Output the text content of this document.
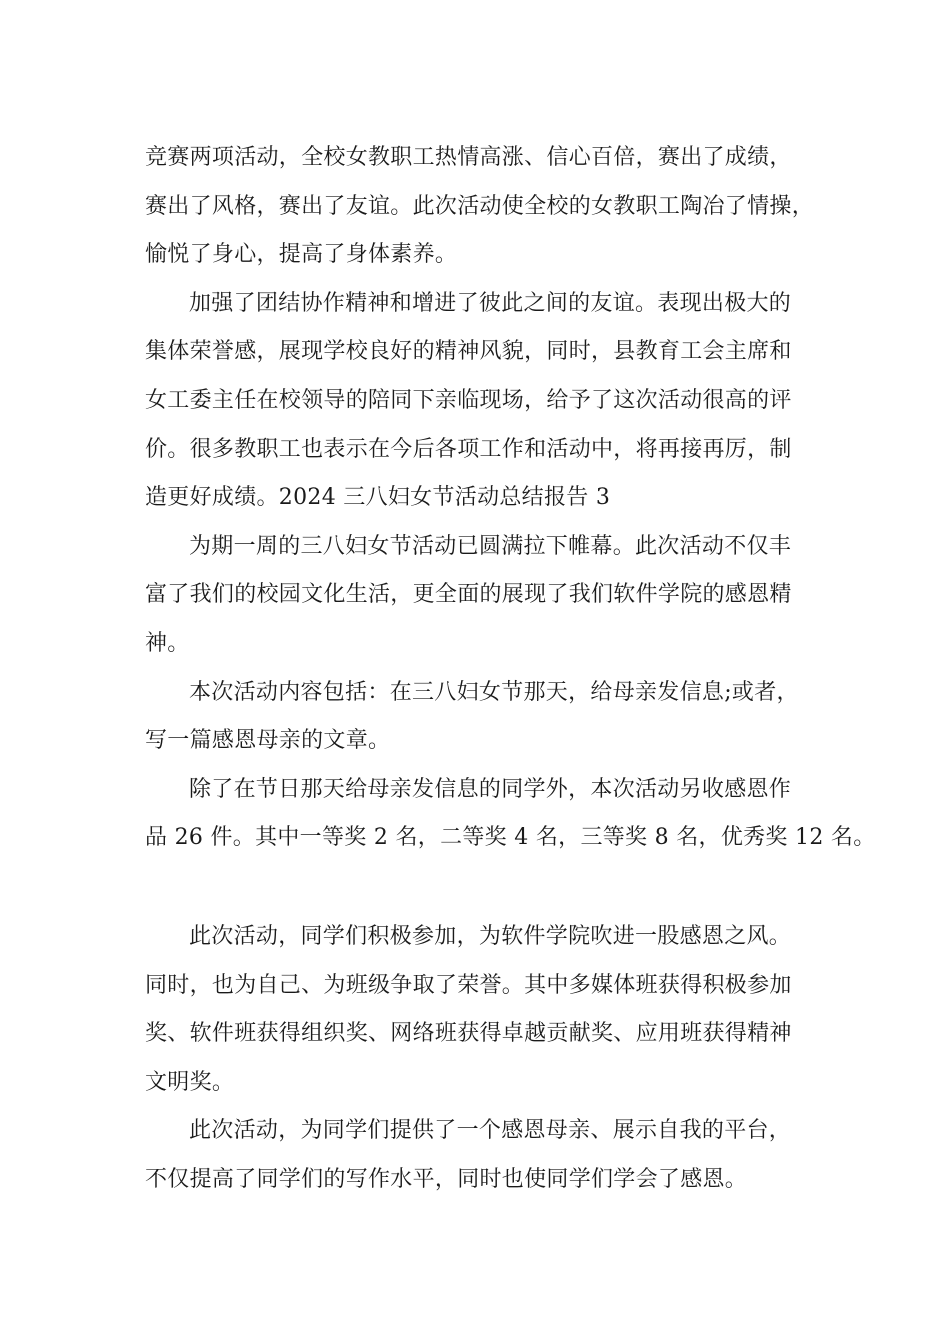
竞赛两项活动，全校女教职工热情高涨、信心百倍，赛出了成绩，
赛出了风格，赛出了友谊。此次活动使全校的女教职工陶冶了情操，
愉悦了身心，提高了身体素养。
加强了团结协作精神和增进了彼此之间的友谊。表现出极大的
集体荣誉感，展现学校良好的精神风貌，同时，县教育工会主席和
女工委主任在校领导的陪同下亲临现场，给予了这次活动很高的评
价。很多教职工也表示在今后各项工作和活动中，将再接再厉，制
造更好成绩。2024 三八妇女节活动总结报告 3
为期一周的三八妇女节活动已圆满拉下帷幕。此次活动不仅丰
富了我们的校园文化生活，更全面的展现了我们软件学院的感恩精
神。
本次活动内容包括：在三八妇女节那天，给母亲发信息;或者，
写一篇感恩母亲的文章。
除了在节日那天给母亲发信息的同学外，本次活动另收感恩作
品 26 件。其中一等奖 2 名，二等奖 4 名，三等奖 8 名，优秀奖 12 名。
此次活动，同学们积极参加，为软件学院吹进一股感恩之风。
同时，也为自己、为班级争取了荣誉。其中多媒体班获得积极参加
奖、软件班获得组织奖、网络班获得卓越贡献奖、应用班获得精神
文明奖。
此次活动，为同学们提供了一个感恩母亲、展示自我的平台，
不仅提高了同学们的写作水平，同时也使同学们学会了感恩。
